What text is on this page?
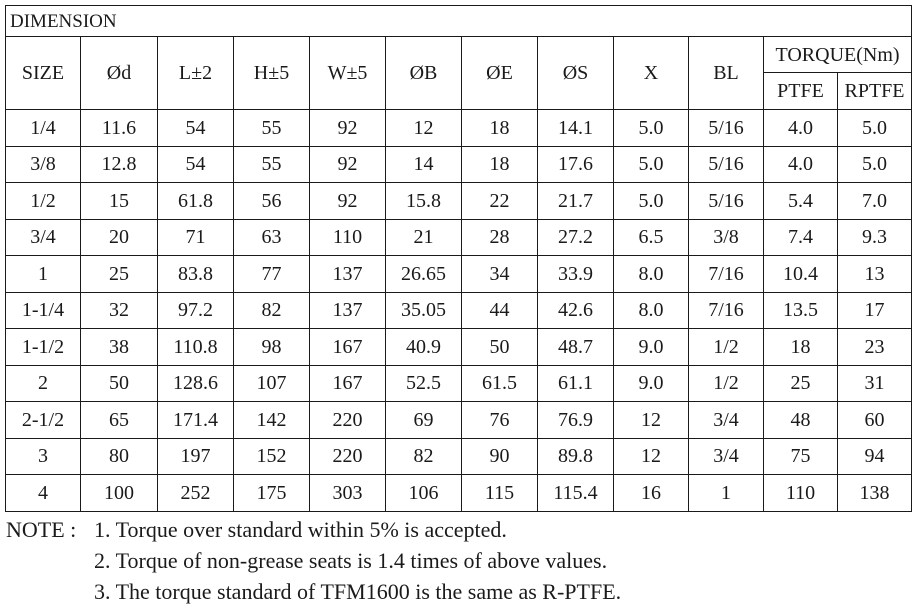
DIMENSION											
SIZE	Ød	L±2	H±5	W±5	ØB	ØE	ØS	X	BL	TORQUE(Nm)	
										PTFE	RPTFE
1/4	11.6	54	55	92	12	18	14.1	5.0	5/16	4.0	5.0
3/8	12.8	54	55	92	14	18	17.6	5.0	5/16	4.0	5.0
1/2	15	61.8	56	92	15.8	22	21.7	5.0	5/16	5.4	7.0
3/4	20	71	63	110	21	28	27.2	6.5	3/8	7.4	9.3
1	25	83.8	77	137	26.65	34	33.9	8.0	7/16	10.4	13
1-1/4	32	97.2	82	137	35.05	44	42.6	8.0	7/16	13.5	17
1-1/2	38	110.8	98	167	40.9	50	48.7	9.0	1/2	18	23
2	50	128.6	107	167	52.5	61.5	61.1	9.0	1/2	25	31
2-1/2	65	171.4	142	220	69	76	76.9	12	3/4	48	60
3	80	197	152	220	82	90	89.8	12	3/4	75	94
4	100	252	175	303	106	115	115.4	16	1	110	138
NOTE : 1. Torque over standard within 5% is accepted.
2. Torque of non-grease seats is 1.4 times of above values.
3. The torque standard of TFM1600 is the same as R-PTFE.
